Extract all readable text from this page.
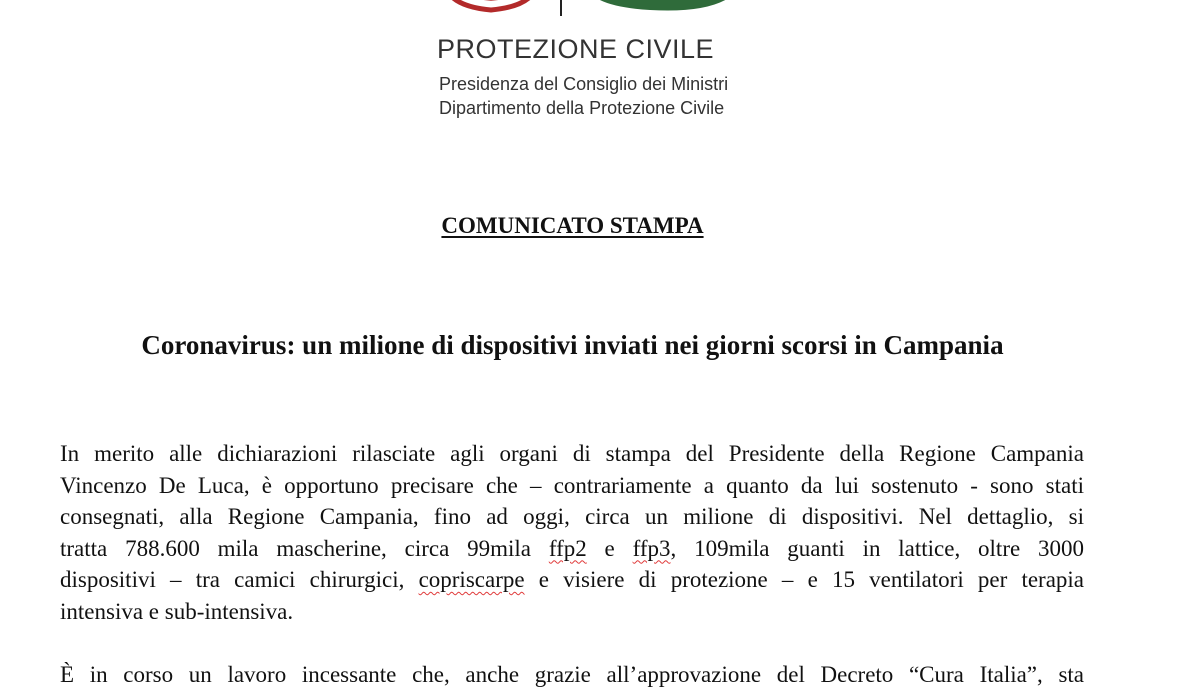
PROTEZIONE CIVILE
Presidenza del Consiglio dei Ministri
Dipartimento della Protezione Civile
COMUNICATO STAMPA
Coronavirus: un milione di dispositivi inviati nei giorni scorsi in Campania
In merito alle dichiarazioni rilasciate agli organi di stampa del Presidente della Regione Campania
Vincenzo De Luca, è opportuno precisare che – contrariamente a quanto da lui sostenuto - sono stati
consegnati, alla Regione Campania, fino ad oggi, circa un milione di dispositivi. Nel dettaglio, si
tratta 788.600 mila mascherine, circa 99mila ffp2 e ffp3, 109mila guanti in lattice, oltre 3000
dispositivi – tra camici chirurgici, copriscarpe e visiere di protezione – e 15 ventilatori per terapia
intensiva e sub-intensiva.
È in corso un lavoro incessante che, anche grazie all’approvazione del Decreto “Cura Italia”, sta
